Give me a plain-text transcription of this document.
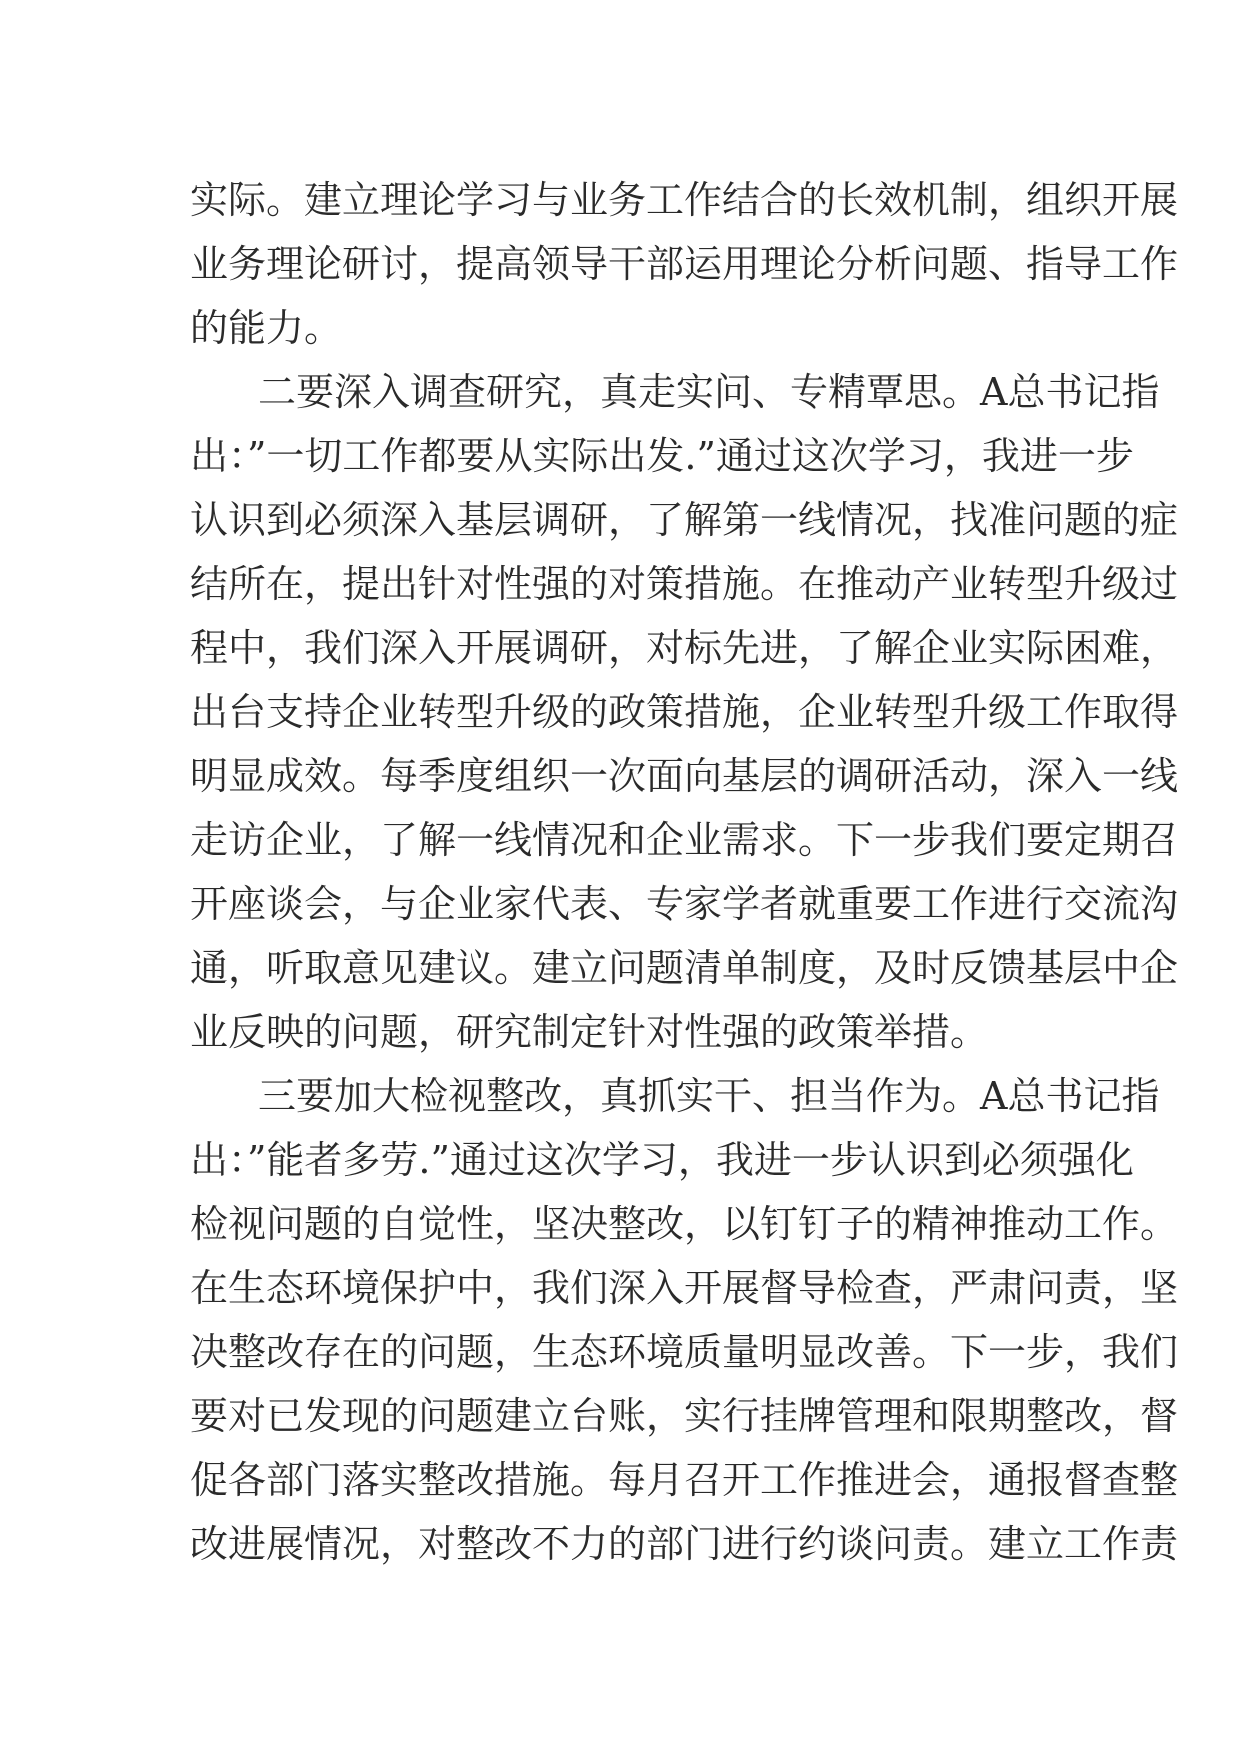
实际。建立理论学习与业务工作结合的长效机制，组织开展
业务理论研讨，提高领导干部运用理论分析问题、指导工作
的能力。
二要深入调查研究，真走实问、专精覃思。A总书记指
出：”一切工作都要从实际出发.”通过这次学习，我进一步
认识到必须深入基层调研，了解第一线情况，找准问题的症
结所在，提出针对性强的对策措施。在推动产业转型升级过
程中，我们深入开展调研，对标先进，了解企业实际困难，
出台支持企业转型升级的政策措施，企业转型升级工作取得
明显成效。每季度组织一次面向基层的调研活动，深入一线
走访企业，了解一线情况和企业需求。下一步我们要定期召
开座谈会，与企业家代表、专家学者就重要工作进行交流沟
通，听取意见建议。建立问题清单制度，及时反馈基层中企
业反映的问题，研究制定针对性强的政策举措。
三要加大检视整改，真抓实干、担当作为。A总书记指
出：”能者多劳.”通过这次学习，我进一步认识到必须强化
检视问题的自觉性，坚决整改，以钉钉子的精神推动工作。
在生态环境保护中，我们深入开展督导检查，严肃问责，坚
决整改存在的问题，生态环境质量明显改善。下一步，我们
要对已发现的问题建立台账，实行挂牌管理和限期整改，督
促各部门落实整改措施。每月召开工作推进会，通报督查整
改进展情况，对整改不力的部门进行约谈问责。建立工作责
